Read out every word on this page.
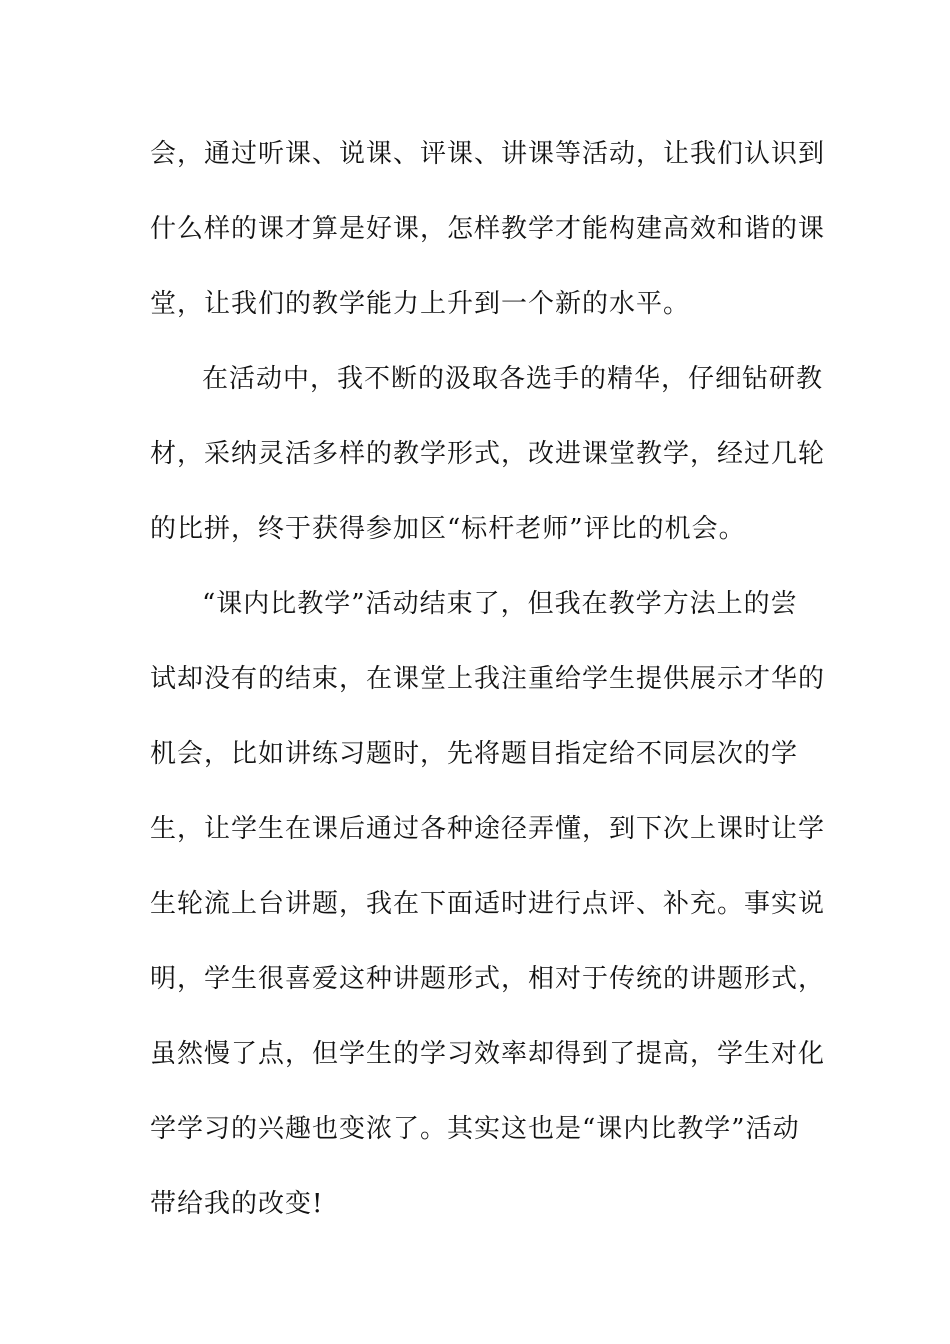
会，通过听课、说课、评课、讲课等活动，让我们认识到
什么样的课才算是好课，怎样教学才能构建高效和谐的课
堂，让我们的教学能力上升到一个新的水平。
在活动中，我不断的汲取各选手的精华，仔细钻研教
材，采纳灵活多样的教学形式，改进课堂教学，经过几轮
的比拼，终于获得参加区“标杆老师”评比的机会。
“课内比教学”活动结束了，但我在教学方法上的尝
试却没有的结束，在课堂上我注重给学生提供展示才华的
机会，比如讲练习题时，先将题目指定给不同层次的学
生，让学生在课后通过各种途径弄懂，到下次上课时让学
生轮流上台讲题，我在下面适时进行点评、补充。事实说
明，学生很喜爱这种讲题形式，相对于传统的讲题形式，
虽然慢了点，但学生的学习效率却得到了提高，学生对化
学学习的兴趣也变浓了。其实这也是“课内比教学”活动
带给我的改变!
